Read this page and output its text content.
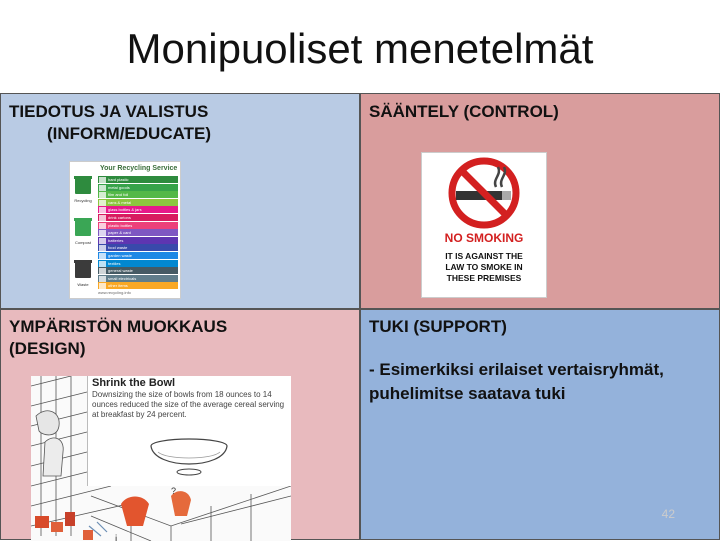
Monipuoliset menetelmät
TIEDOTUS JA VALISTUS
(INFORM/EDUCATE)
Your Recycling Service
Recycling
Compost
Waste
hard plastic
metal goods
film and foil
cans & metal
glass bottles & jars
drink cartons
plastic bottles
paper & card
batteries
food waste
garden waste
textiles
general waste
small electricals
other items
www.recycling.info
SÄÄNTELY (CONTROL)
NO SMOKING
IT IS AGAINST THE
LAW TO SMOKE IN
THESE PREMISES
YMPÄRISTÖN MUOKKAUS
(DESIGN)
i
?
Shrink the Bowl
Downsizing the size of bowls from 18 ounces to 14 ounces reduced the size of the average cereal serving at breakfast by 24 percent.
TUKI (SUPPORT)
- Esimerkiksi erilaiset vertaisryhmät,
puhelimitse saatava tuki
42
